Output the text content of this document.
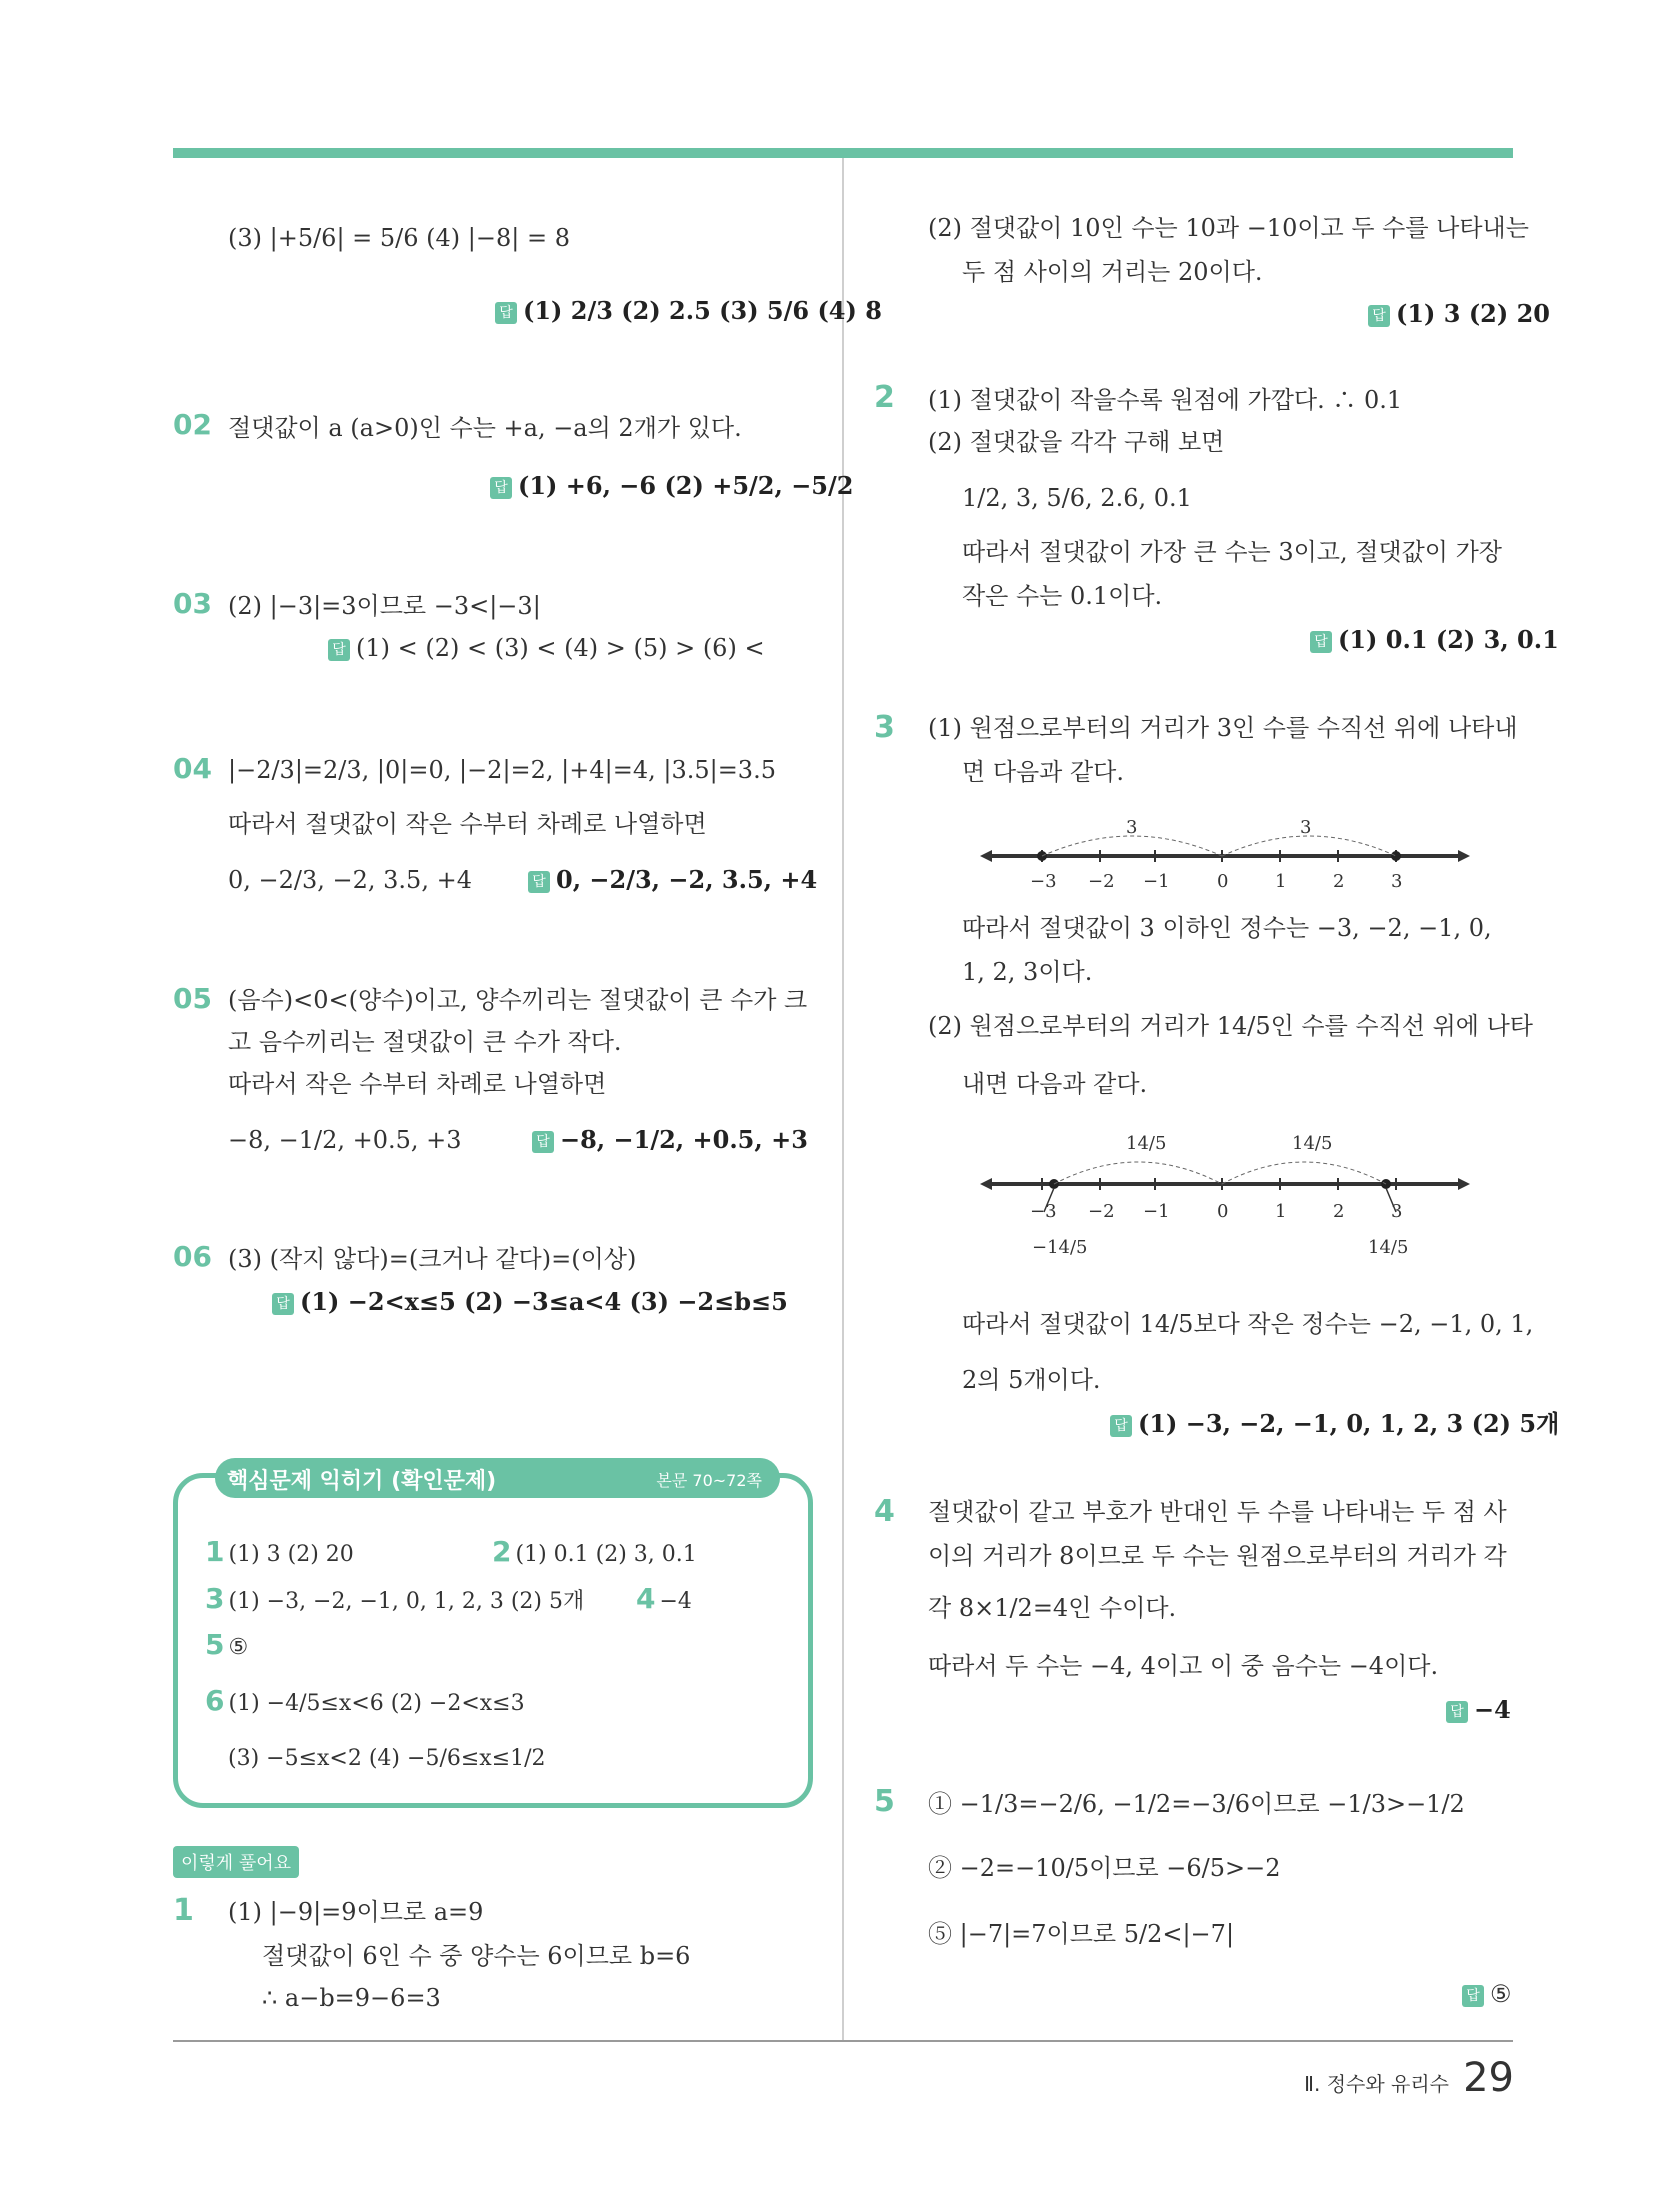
(3) |+5/6| = 5/6 (4) |−8| = 8
답 (1) 2/3 (2) 2.5 (3) 5/6 (4) 8
02 절댓값이 a (a>0)인 수는 +a, −a의 2개가 있다.
답 (1) +6, −6 (2) +5/2, −5/2
03 (2) |−3|=3이므로 −3<|−3|
답 (1) < (2) < (3) < (4) > (5) > (6) <
04 |−2/3|=2/3, |0|=0, |−2|=2, |+4|=4, |3.5|=3.5
따라서 절댓값이 작은 수부터 차례로 나열하면
0, −2/3, −2, 3.5, +4	답 0, −2/3, −2, 3.5, +4
05 (음수)<0<(양수)이고, 양수끼리는 절댓값이 큰 수가 크
고 음수끼리는 절댓값이 큰 수가 작다.
따라서 작은 수부터 차례로 나열하면
−8, −1/2, +0.5, +3	답 −8, −1/2, +0.5, +3
06 (3) (작지 않다)=(크거나 같다)=(이상)
답 (1) −2<x≤5 (2) −3≤a<4 (3) −2≤b≤5
핵심문제 익히기 (확인문제)	본문 70~72쪽
1 (1) 3 (2) 20	2 (1) 0.1 (2) 3, 0.1
3 (1) −3, −2, −1, 0, 1, 2, 3 (2) 5개 4 −4
5 ⑤
6 (1) −4/5≤x<6 (2) −2<x≤3
(3) −5≤x<2 (4) −5/6≤x≤1/2
이렇게 풀어요
1 (1) |−9|=9이므로 a=9
절댓값이 6인 수 중 양수는 6이므로 b=6
∴ a−b=9−6=3
(2) 절댓값이 10인 수는 10과 −10이고 두 수를 나타내는
두 점 사이의 거리는 20이다.
답 (1) 3 (2) 20
2 (1) 절댓값이 작을수록 원점에 가깝다. ∴ 0.1
(2) 절댓값을 각각 구해 보면
1/2, 3, 5/6, 2.6, 0.1
따라서 절댓값이 가장 큰 수는 3이고, 절댓값이 가장
작은 수는 0.1이다.
답 (1) 0.1 (2) 3, 0.1
3 (1) 원점으로부터의 거리가 3인 수를 수직선 위에 나타내
면 다음과 같다.
3	3
−3 −2 −1	0	1	2	3
따라서 절댓값이 3 이하인 정수는 −3, −2, −1, 0,
1, 2, 3이다.
(2) 원점으로부터의 거리가 14/5인 수를 수직선 위에 나타
내면 다음과 같다.
14/5	14/5
−3 −2 −1	0	1	2	3
−14/5	14/5
따라서 절댓값이 14/5보다 작은 정수는 −2, −1, 0, 1,
2의 5개이다.
답 (1) −3, −2, −1, 0, 1, 2, 3 (2) 5개
4 절댓값이 같고 부호가 반대인 두 수를 나타내는 두 점 사
이의 거리가 8이므로 두 수는 원점으로부터의 거리가 각
각 8×1/2=4인 수이다.
따라서 두 수는 −4, 4이고 이 중 음수는 −4이다.
답 −4
5 ① −1/3=−2/6, −1/2=−3/6이므로 −1/3>−1/2
② −2=−10/5이므로 −6/5>−2
⑤ |−7|=7이므로 5/2<|−7|
답 ⑤
Ⅱ. 정수와 유리수 29
